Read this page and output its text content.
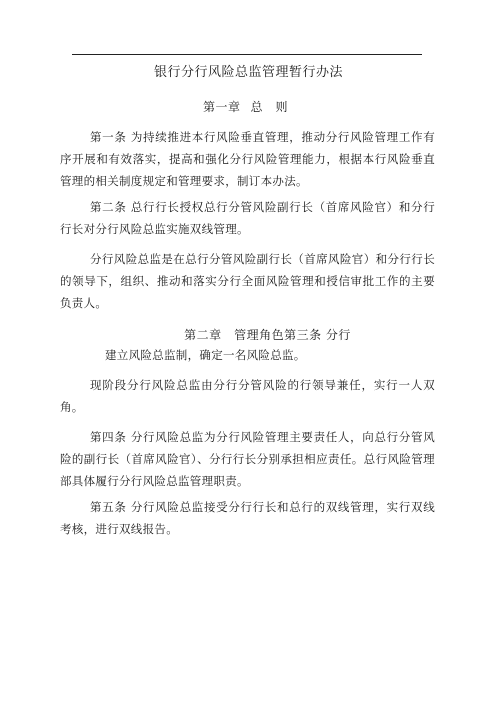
银行分行风险总监管理暂行办法

第一章 总　则

第一条 为持续推进本行风险垂直管理，推动分行风险管理工作有序开展和有效落实，提高和强化分行风险管理能力，根据本行风险垂直管理的相关制度规定和管理要求，制订本办法。

第二条 总行行长授权总行分管风险副行长（首席风险官）和分行行长对分行风险总监实施双线管理。

分行风险总监是在总行分管风险副行长（首席风险官）和分行行长的领导下，组织、推动和落实分行全面风险管理和授信审批工作的主要负责人。

第二章　管理角色第三条 分行

建立风险总监制，确定一名风险总监。

现阶段分行风险总监由分行分管风险的行领导兼任，实行一人双角。

第四条 分行风险总监为分行风险管理主要责任人，向总行分管风险的副行长（首席风险官）、分行行长分别承担相应责任。总行风险管理部具体履行分行风险总监管理职责。

第五条 分行风险总监接受分行行长和总行的双线管理，实行双线考核，进行双线报告。
